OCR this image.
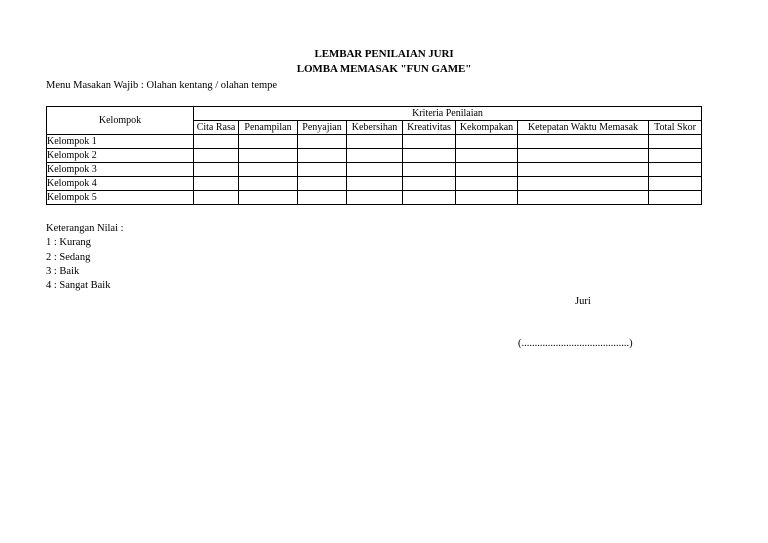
LEMBAR PENILAIAN JURI
LOMBA MEMASAK "FUN GAME"
Menu Masakan Wajib : Olahan kentang / olahan tempe
Kelompok	Kriteria Penilaian							
	Cita Rasa	Penampilan	Penyajian	Kebersihan	Kreativitas	Kekompakan	Ketepatan Waktu Memasak	Total Skor
Kelompok 1								
Kelompok 2								
Kelompok 3								
Kelompok 4								
Kelompok 5								
Keterangan Nilai :
1 : Kurang
2 : Sedang
3 : Baik
4 : Sangat Baik
Juri
(.........................................)
